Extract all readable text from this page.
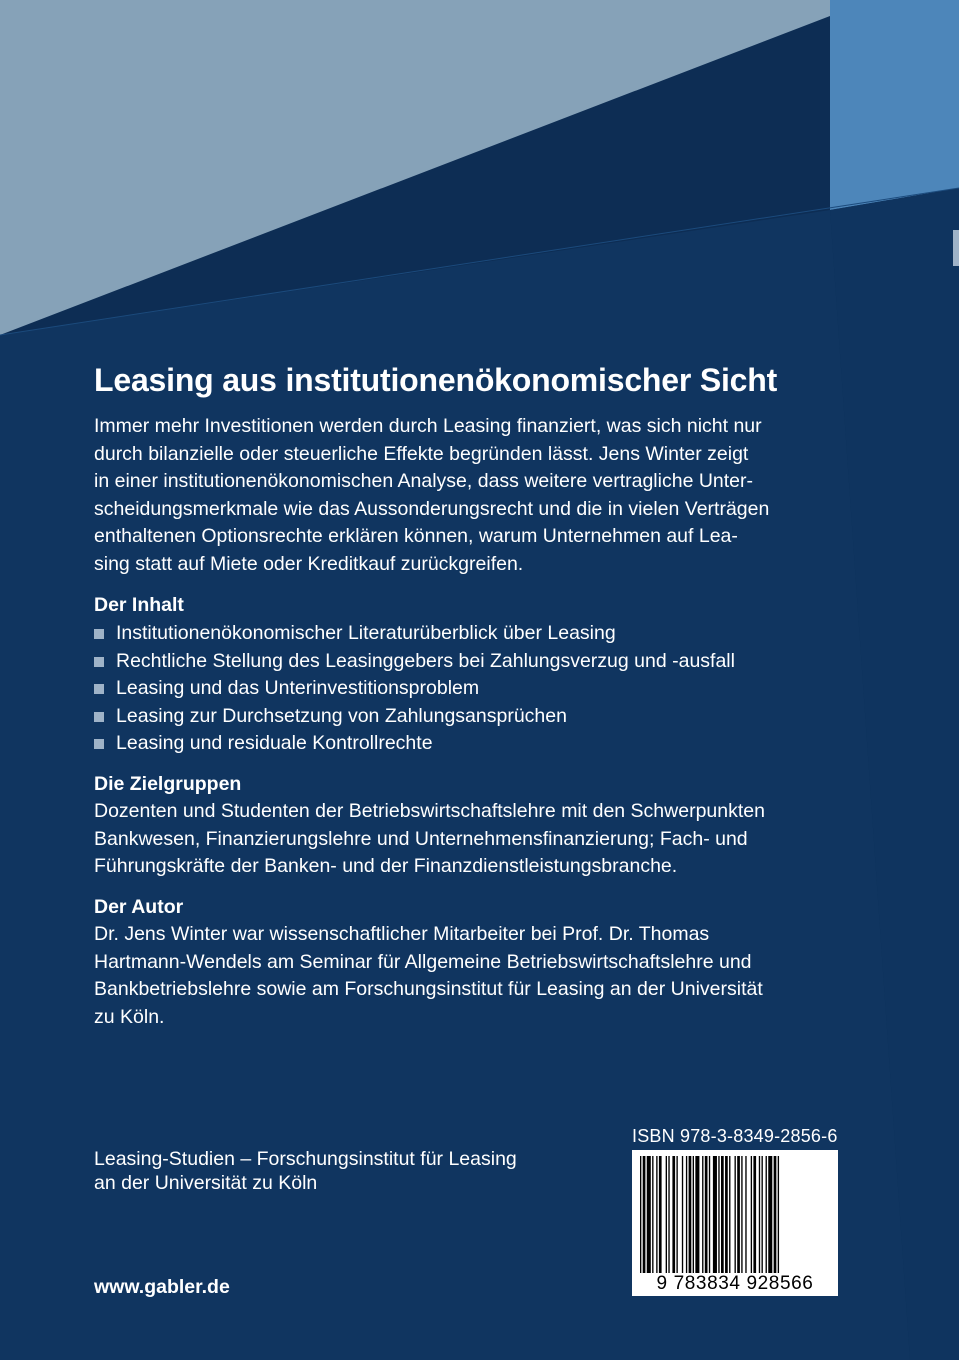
Leasing aus institutionenökonomischer Sicht
Immer mehr Investitionen werden durch Leasing finanziert, was sich nicht nur
durch bilanzielle oder steuerliche Effekte begründen lässt. Jens Winter zeigt
in einer institutionenökonomischen Analyse, dass weitere vertragliche Unter-
scheidungsmerkmale wie das Aussonderungsrecht und die in vielen Verträgen
enthaltenen Optionsrechte erklären können, warum Unternehmen auf Lea-
sing statt auf Miete oder Kreditkauf zurückgreifen.
Der Inhalt
Institutionenökonomischer Literaturüberblick über Leasing
Rechtliche Stellung des Leasinggebers bei Zahlungsverzug und -ausfall
Leasing und das Unterinvestitionsproblem
Leasing zur Durchsetzung von Zahlungsansprüchen
Leasing und residuale Kontrollrechte
Die Zielgruppen
Dozenten und Studenten der Betriebswirtschaftslehre mit den Schwerpunkten
Bankwesen, Finanzierungslehre und Unternehmensfinanzierung; Fach- und
Führungskräfte der Banken- und der Finanzdienstleistungsbranche.
Der Autor
Dr. Jens Winter war wissenschaftlicher Mitarbeiter bei Prof. Dr. Thomas
Hartmann-Wendels am Seminar für Allgemeine Betriebswirtschaftslehre und
Bankbetriebslehre sowie am Forschungsinstitut für Leasing an der Universität
zu Köln.
Leasing-Studien – Forschungsinstitut für Leasing
an der Universität zu Köln
www.gabler.de
ISBN 978-3-8349-2856-6
9 783834 928566
